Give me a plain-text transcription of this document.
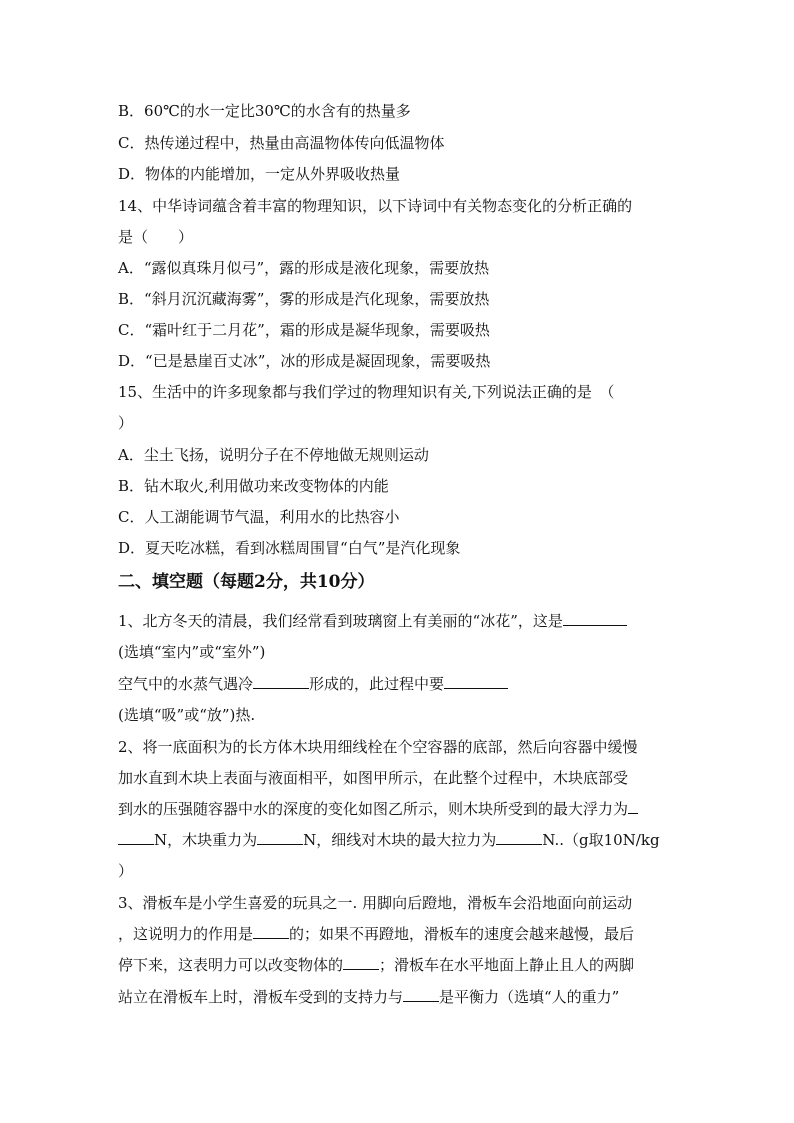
B．60℃的水一定比30℃的水含有的热量多
C．热传递过程中，热量由高温物体传向低温物体
D．物体的内能增加，一定从外界吸收热量
14、中华诗词蕴含着丰富的物理知识，以下诗词中有关物态变化的分析正确的
是（　　）
A．“露似真珠月似弓”，露的形成是液化现象，需要放热
B．“斜月沉沉藏海雾”，雾的形成是汽化现象，需要放热
C．“霜叶红于二月花”，霜的形成是凝华现象，需要吸热
D．“已是悬崖百丈冰”，冰的形成是凝固现象，需要吸热
15、生活中的许多现象都与我们学过的物理知识有关,下列说法正确的是　（
）
A．尘土飞扬，说明分子在不停地做无规则运动
B．钻木取火,利用做功来改变物体的内能
C．人工湖能调节气温，利用水的比热容小
D．夏天吃冰糕，看到冰糕周围冒“白气”是汽化现象
二、填空题（每题2分，共10分）
1、北方冬天的清晨，我们经常看到玻璃窗上有美丽的“冰花”，这是
(选填“室内”或“室外”)
空气中的水蒸气遇冷	形成的，此过程中要
(选填“吸”或“放”)热.
2、将一底面积为的长方体木块用细线栓在个空容器的底部，然后向容器中缓慢
加水直到木块上表面与液面相平，如图甲所示，在此整个过程中，木块底部受
到水的压强随容器中水的深度的变化如图乙所示，则木块所受到的最大浮力为
N，木块重力为	N，细线对木块的最大拉力为	N..（g取10N/kg
）
3、滑板车是小学生喜爱的玩具之一. 用脚向后蹬地，滑板车会沿地面向前运动
，这说明力的作用是 的；如果不再蹬地，滑板车的速度会越来越慢，最后
停下来，这表明力可以改变物体的 ；滑板车在水平地面上静止且人的两脚
站立在滑板车上时，滑板车受到的支持力与 是平衡力（选填“人的重力”
